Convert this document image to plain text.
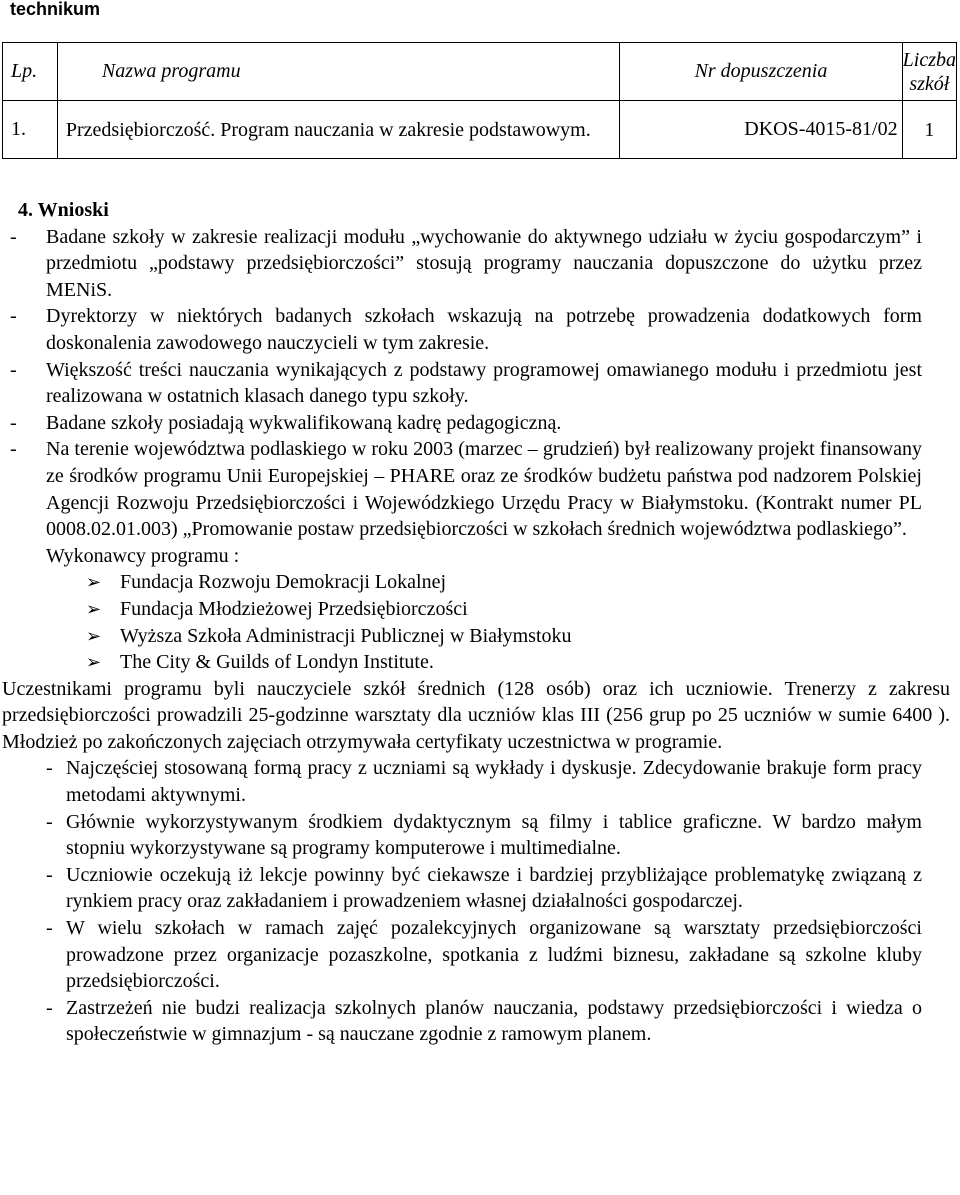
technikum
Lp.	Nazwa programu	Nr dopuszczenia	Liczba szkół
1.	Przedsiębiorczość. Program nauczania w zakresie podstawowym.	DKOS-4015-81/02	1
4. Wnioski
- Badane szkoły w zakresie realizacji modułu „wychowanie do aktywnego udziału w życiu gospodarczym” i przedmiotu „podstawy przedsiębiorczości” stosują programy nauczania dopuszczone do użytku przez MENiS.
- Dyrektorzy w niektórych badanych szkołach wskazują na potrzebę prowadzenia dodatkowych form doskonalenia zawodowego nauczycieli w tym zakresie.
- Większość treści nauczania wynikających z podstawy programowej omawianego modułu i przedmiotu jest realizowana w ostatnich klasach danego typu szkoły.
- Badane szkoły posiadają wykwalifikowaną kadrę pedagogiczną.
- Na terenie województwa podlaskiego w roku 2003 (marzec – grudzień) był realizowany projekt finansowany ze środków programu Unii Europejskiej – PHARE oraz ze środków budżetu państwa pod nadzorem Polskiej Agencji Rozwoju Przedsiębiorczości i Wojewódzkiego Urzędu Pracy w Białymstoku. (Kontrakt numer PL 0008.02.01.003) „Promowanie postaw przedsiębiorczości w szkołach średnich województwa podlaskiego”.
Wykonawcy programu :
➢ Fundacja Rozwoju Demokracji Lokalnej
➢ Fundacja Młodzieżowej Przedsiębiorczości
➢ Wyższa Szkoła Administracji Publicznej w Białymstoku
➢ The City & Guilds of Londyn Institute.
Uczestnikami programu byli nauczyciele szkół średnich (128 osób) oraz ich uczniowie. Trenerzy z zakresu przedsiębiorczości prowadzili 25-godzinne warsztaty dla uczniów klas III (256 grup po 25 uczniów w sumie 6400 ). Młodzież po zakończonych zajęciach otrzymywała certyfikaty uczestnictwa w programie.
- Najczęściej stosowaną formą pracy z uczniami są wykłady i dyskusje. Zdecydowanie brakuje form pracy metodami aktywnymi.
- Głównie wykorzystywanym środkiem dydaktycznym są filmy i tablice graficzne. W bardzo małym stopniu wykorzystywane są programy komputerowe i multimedialne.
- Uczniowie oczekują iż lekcje powinny być ciekawsze i bardziej przybliżające problematykę związaną z rynkiem pracy oraz zakładaniem i prowadzeniem własnej działalności gospodarczej.
- W wielu szkołach w ramach zajęć pozalekcyjnych organizowane są warsztaty przedsiębiorczości prowadzone przez organizacje pozaszkolne, spotkania z ludźmi biznesu, zakładane są szkolne kluby przedsiębiorczości.
- Zastrzeżeń nie budzi realizacja szkolnych planów nauczania, podstawy przedsiębiorczości i wiedza o społeczeństwie w gimnazjum - są nauczane zgodnie z ramowym planem.
